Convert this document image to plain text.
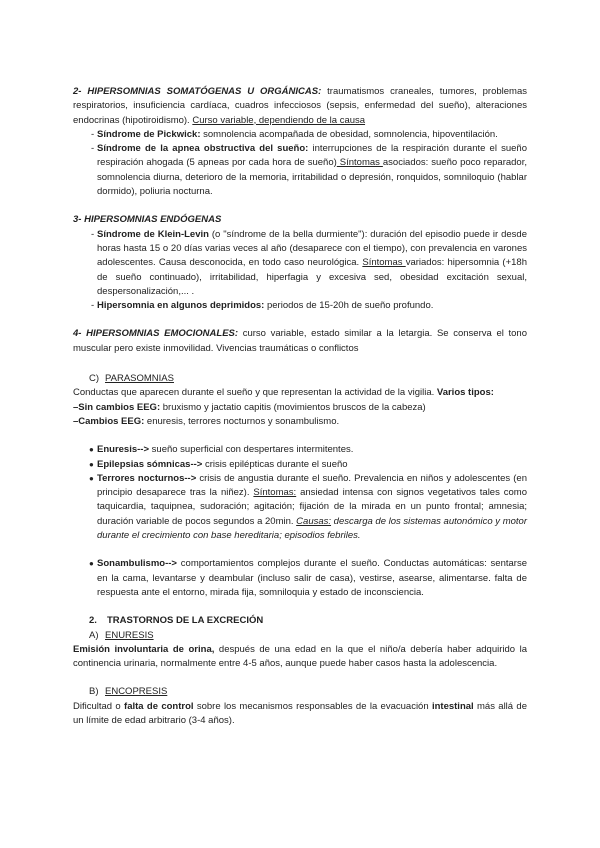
2- HIPERSOMNIAS SOMATÓGENAS U ORGÁNICAS: traumatismos craneales, tumores, problemas respiratorios, insuficiencia cardíaca, cuadros infecciosos (sepsis, enfermedad del sueño), alteraciones endocrinas (hipotiroidismo). Curso variable, dependiendo de la causa

- Síndrome de Pickwick: somnolencia acompañada de obesidad, somnolencia, hipoventilación.
- Síndrome de la apnea obstructiva del sueño: interrupciones de la respiración durante el sueño respiración ahogada (5 apneas por cada hora de sueño) Síntomas asociados: sueño poco reparador, somnolencia diurna, deterioro de la memoria, irritabilidad o depresión, ronquidos, somniloquio (hablar dormido), poliuria nocturna.

3- HIPERSOMNIAS ENDÓGENAS

- Síndrome de Klein-Levin (o "síndrome de la bella durmiente"): duración del episodio puede ir desde horas hasta 15 o 20 días varias veces al año (desaparece con el tiempo), con prevalencia en varones adolescentes. Causa desconocida, en todo caso neurológica. Síntomas variados: hipersomnia (+18h de sueño continuado), irritabilidad, hiperfagia y excesiva sed, obesidad excitación sexual, despersonalización,... .
- Hipersomnia en algunos deprimidos: periodos de 15-20h de sueño profundo.

4- HIPERSOMNIAS EMOCIONALES: curso variable, estado similar a la letargia. Se conserva el tono muscular pero existe inmovilidad. Vivencias traumáticas o conflictos

C) PARASOMNIAS

Conductas que aparecen durante el sueño y que representan la actividad de la vigilia. Varios tipos:

–Sin cambios EEG: bruxismo y jactatio capitis (movimientos bruscos de la cabeza)

–Cambios EEG: enuresis, terrores nocturnos y sonambulismo.

● Enuresis--> sueño superficial con despertares intermitentes.
● Epilepsias sómnicas--> crisis epilépticas durante el sueño
● Terrores nocturnos--> crisis de angustia durante el sueño. Prevalencia en niños y adolescentes (en principio desaparece tras la niñez). Síntomas: ansiedad intensa con signos vegetativos tales como taquicardia, taquipnea, sudoración; agitación; fijación de la mirada en un punto frontal; amnesia; duración variable de pocos segundos a 20min. Causas: descarga de los sistemas autonómico y motor durante el crecimiento con base hereditaria; episodios febriles.
● Sonambulismo--> comportamientos complejos durante el sueño. Conductas automáticas: sentarse en la cama, levantarse y deambular (incluso salir de casa), vestirse, asearse, alimentarse. falta de respuesta ante el entorno, mirada fija, somniloquia y estado de inconsciencia.

2. TRASTORNOS DE LA EXCRECIÓN

A) ENURESIS

Emisión involuntaria de orina, después de una edad en la que el niño/a debería haber adquirido la continencia urinaria, normalmente entre 4-5 años, aunque puede haber casos hasta la adolescencia.

B) ENCOPRESIS

Dificultad o falta de control sobre los mecanismos responsables de la evacuación intestinal más allá de un límite de edad arbitrario (3-4 años).
